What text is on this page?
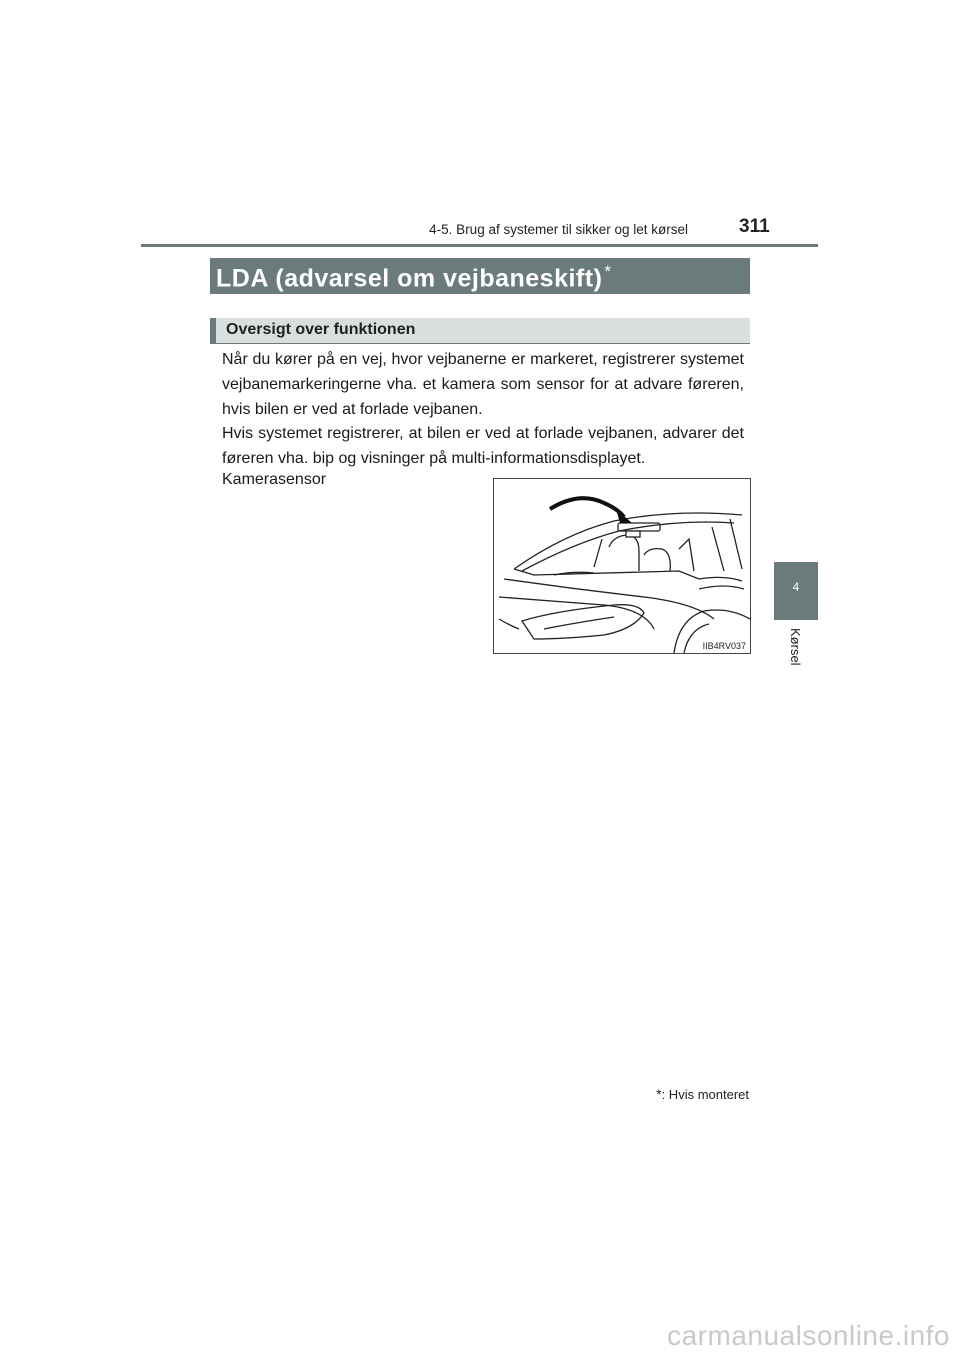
4-5. Brug af systemer til sikker og let kørsel	311
4
Kørsel
LDA (advarsel om vejbaneskift) *
Oversigt over funktionen

Når du kører på en vej, hvor vejbanerne er markeret, registrerer systemet vejbanemarkeringerne vha. et kamera som sensor for at advare føreren, hvis bilen er ved at forlade vejbanen.

Hvis systemet registrerer, at bilen er ved at forlade vejbanen, advarer det føreren vha. bip og visninger på multi-informationsdisplayet.

Kamerasensor

IIB4RV037
*: Hvis monteret
carmanualsonline.info
